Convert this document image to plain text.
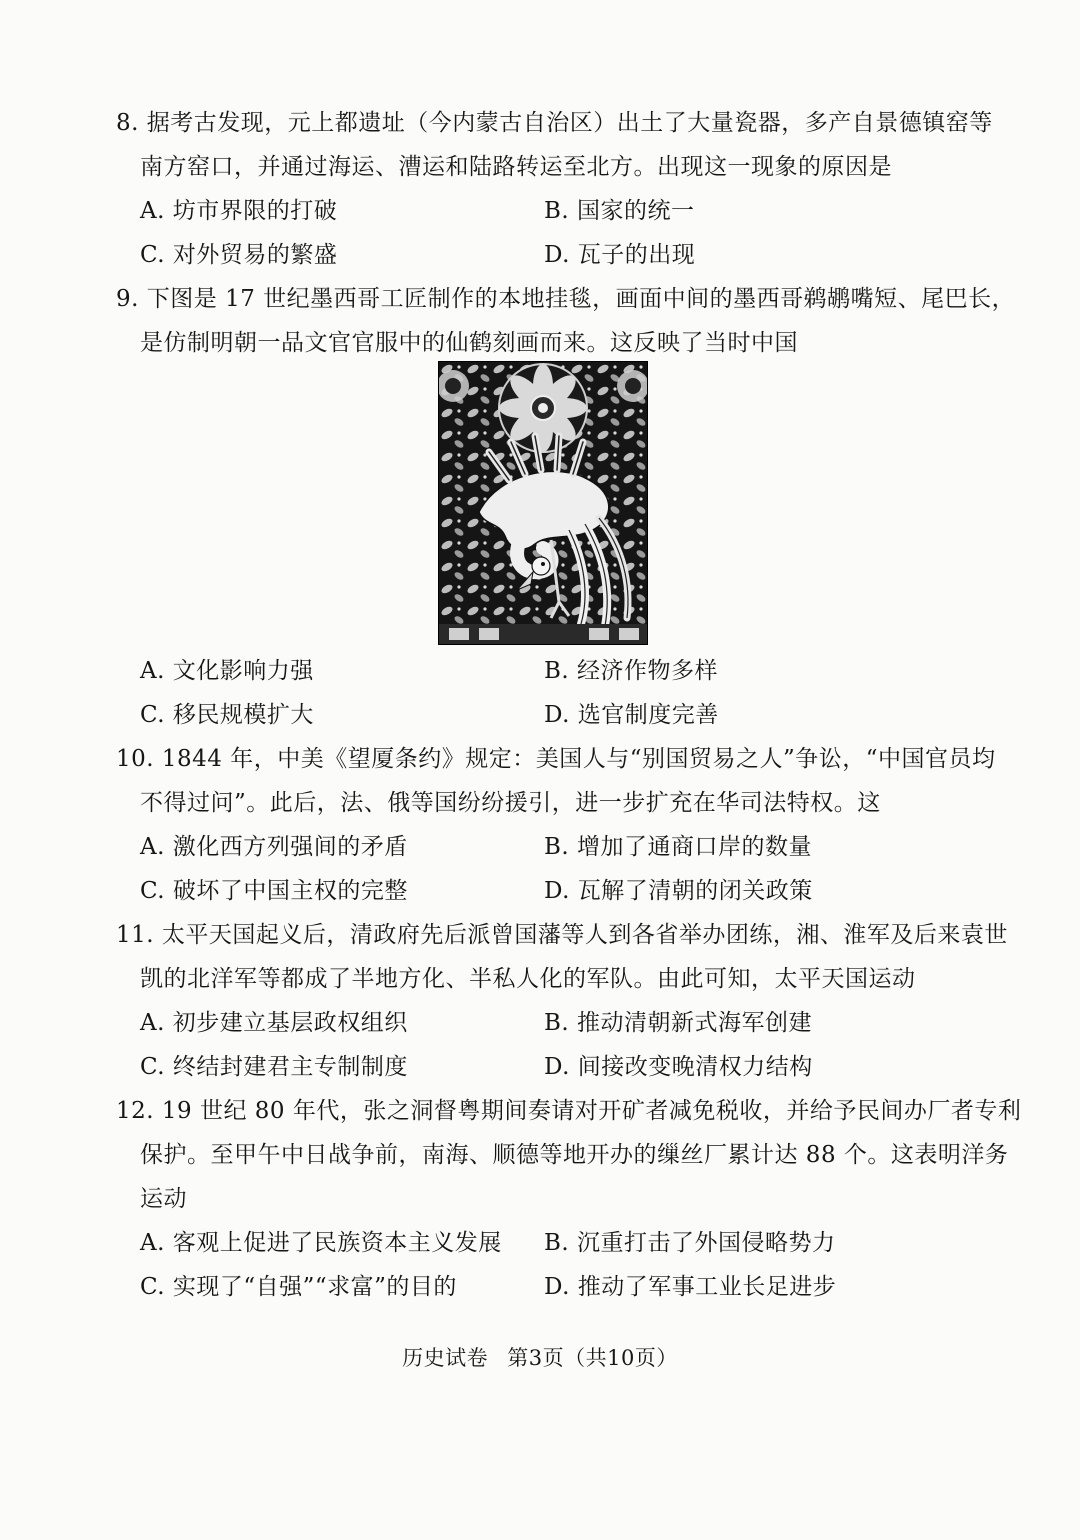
8. 据考古发现，元上都遗址（今内蒙古自治区）出土了大量瓷器，多产自景德镇窑等
南方窑口，并通过海运、漕运和陆路转运至北方。出现这一现象的原因是
A. 坊市界限的打破	B. 国家的统一
C. 对外贸易的繁盛	D. 瓦子的出现
9. 下图是 17 世纪墨西哥工匠制作的本地挂毯，画面中间的墨西哥鹈鹕嘴短、尾巴长，
是仿制明朝一品文官官服中的仙鹤刻画而来。这反映了当时中国
A. 文化影响力强	B. 经济作物多样
C. 移民规模扩大	D. 选官制度完善
10. 1844 年，中美《望厦条约》规定：美国人与“别国贸易之人”争讼，“中国官员均
不得过问”。此后，法、俄等国纷纷援引，进一步扩充在华司法特权。这
A. 激化西方列强间的矛盾	B. 增加了通商口岸的数量
C. 破坏了中国主权的完整	D. 瓦解了清朝的闭关政策
11. 太平天国起义后，清政府先后派曾国藩等人到各省举办团练，湘、淮军及后来袁世
凯的北洋军等都成了半地方化、半私人化的军队。由此可知，太平天国运动
A. 初步建立基层政权组织	B. 推动清朝新式海军创建
C. 终结封建君主专制制度	D. 间接改变晚清权力结构
12. 19 世纪 80 年代，张之洞督粤期间奏请对开矿者减免税收，并给予民间办厂者专利
保护。至甲午中日战争前，南海、顺德等地开办的缫丝厂累计达 88 个。这表明洋务
运动
A. 客观上促进了民族资本主义发展 B. 沉重打击了外国侵略势力
C. 实现了“自强”“求富”的目的	D. 推动了军事工业长足进步
历史试卷 第3页（共10页）
